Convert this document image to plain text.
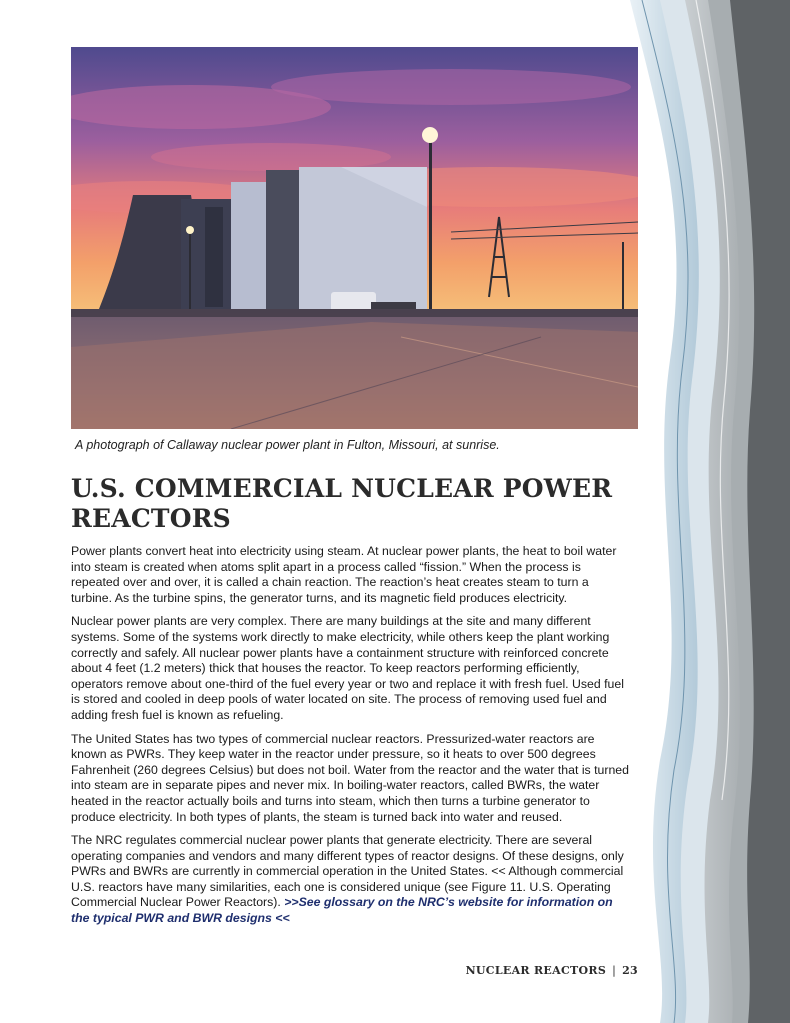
A photograph of Callaway nuclear power plant in Fulton, Missouri, at sunrise.
U.S. COMMERCIAL NUCLEAR POWER REACTORS

Power plants convert heat into electricity using steam. At nuclear power plants, the heat to boil water into steam is created when atoms split apart in a process called “fission.” When the process is repeated over and over, it is called a chain reaction. The reaction’s heat creates steam to turn a turbine. As the turbine spins, the generator turns, and its magnetic field produces electricity.

Nuclear power plants are very complex. There are many buildings at the site and many different systems. Some of the systems work directly to make electricity, while others keep the plant working correctly and safely. All nuclear power plants have a containment structure with reinforced concrete about 4 feet (1.2 meters) thick that houses the reactor. To keep reactors performing efficiently, operators remove about one-third of the fuel every year or two and replace it with fresh fuel. Used fuel is stored and cooled in deep pools of water located on site. The process of removing used fuel and adding fresh fuel is known as refueling.

The United States has two types of commercial nuclear reactors. Pressurized-water reactors are known as PWRs. They keep water in the reactor under pressure, so it heats to over 500 degrees Fahrenheit (260 degrees Celsius) but does not boil. Water from the reactor and the water that is turned into steam are in separate pipes and never mix. In boiling-water reactors, called BWRs, the water heated in the reactor actually boils and turns into steam, which then turns a turbine generator to produce electricity. In both types of plants, the steam is turned back into water and reused.

The NRC regulates commercial nuclear power plants that generate electricity. There are several operating companies and vendors and many different types of reactor designs. Of these designs, only PWRs and BWRs are currently in commercial operation in the United States. << Although commercial U.S. reactors have many similarities, each one is considered unique (see Figure 11. U.S. Operating Commercial Nuclear Power Reactors). >>See glossary on the NRC’s website for information on the typical PWR and BWR designs <<

NUCLEAR REACTORS | 23
